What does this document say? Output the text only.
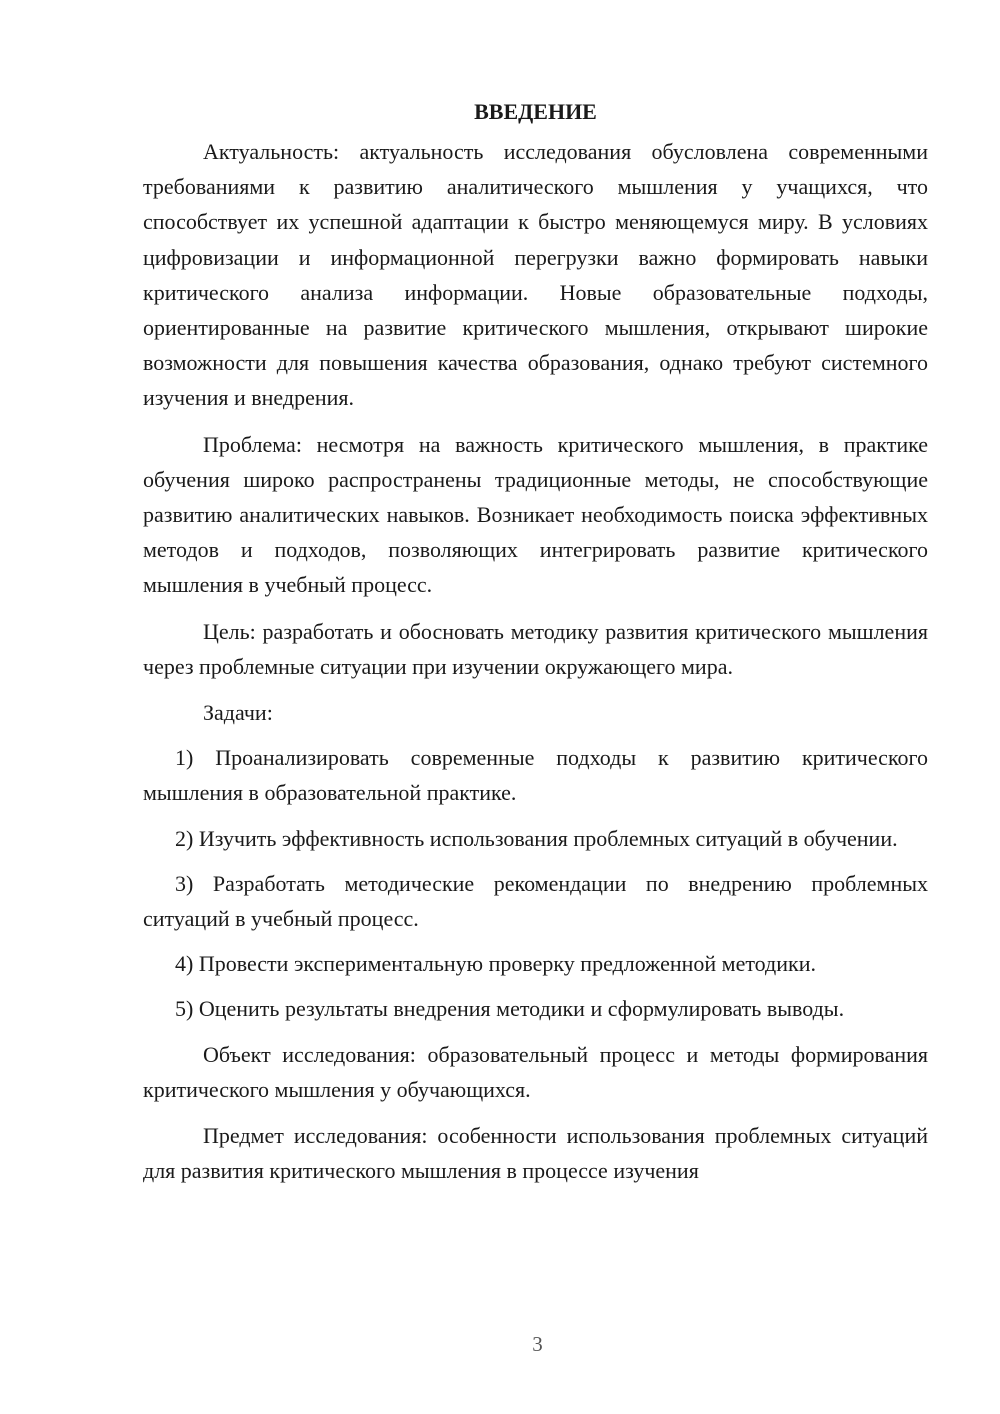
ВВЕДЕНИЕ

Актуальность: актуальность исследования обусловлена современными требованиями к развитию аналитического мышления у учащихся, что способствует их успешной адаптации к быстро меняющемуся миру. В условиях цифровизации и информационной перегрузки важно формировать навыки критического анализа информации. Новые образовательные подходы, ориентированные на развитие критического мышления, открывают широкие возможности для повышения качества образования, однако требуют системного изучения и внедрения.

Проблема: несмотря на важность критического мышления, в практике обучения широко распространены традиционные методы, не способствующие развитию аналитических навыков. Возникает необходимость поиска эффективных методов и подходов, позволяющих интегрировать развитие критического мышления в учебный процесс.

Цель: разработать и обосновать методику развития критического мышления через проблемные ситуации при изучении окружающего мира.

Задачи:

1) Проанализировать современные подходы к развитию критического мышления в образовательной практике.

2) Изучить эффективность использования проблемных ситуаций в обучении.

3) Разработать методические рекомендации по внедрению проблемных ситуаций в учебный процесс.

4) Провести экспериментальную проверку предложенной методики.

5) Оценить результаты внедрения методики и сформулировать выводы.

Объект исследования: образовательный процесс и методы формирования критического мышления у обучающихся.

Предмет исследования: особенности использования проблемных ситуаций для развития критического мышления в процессе изучения

3
